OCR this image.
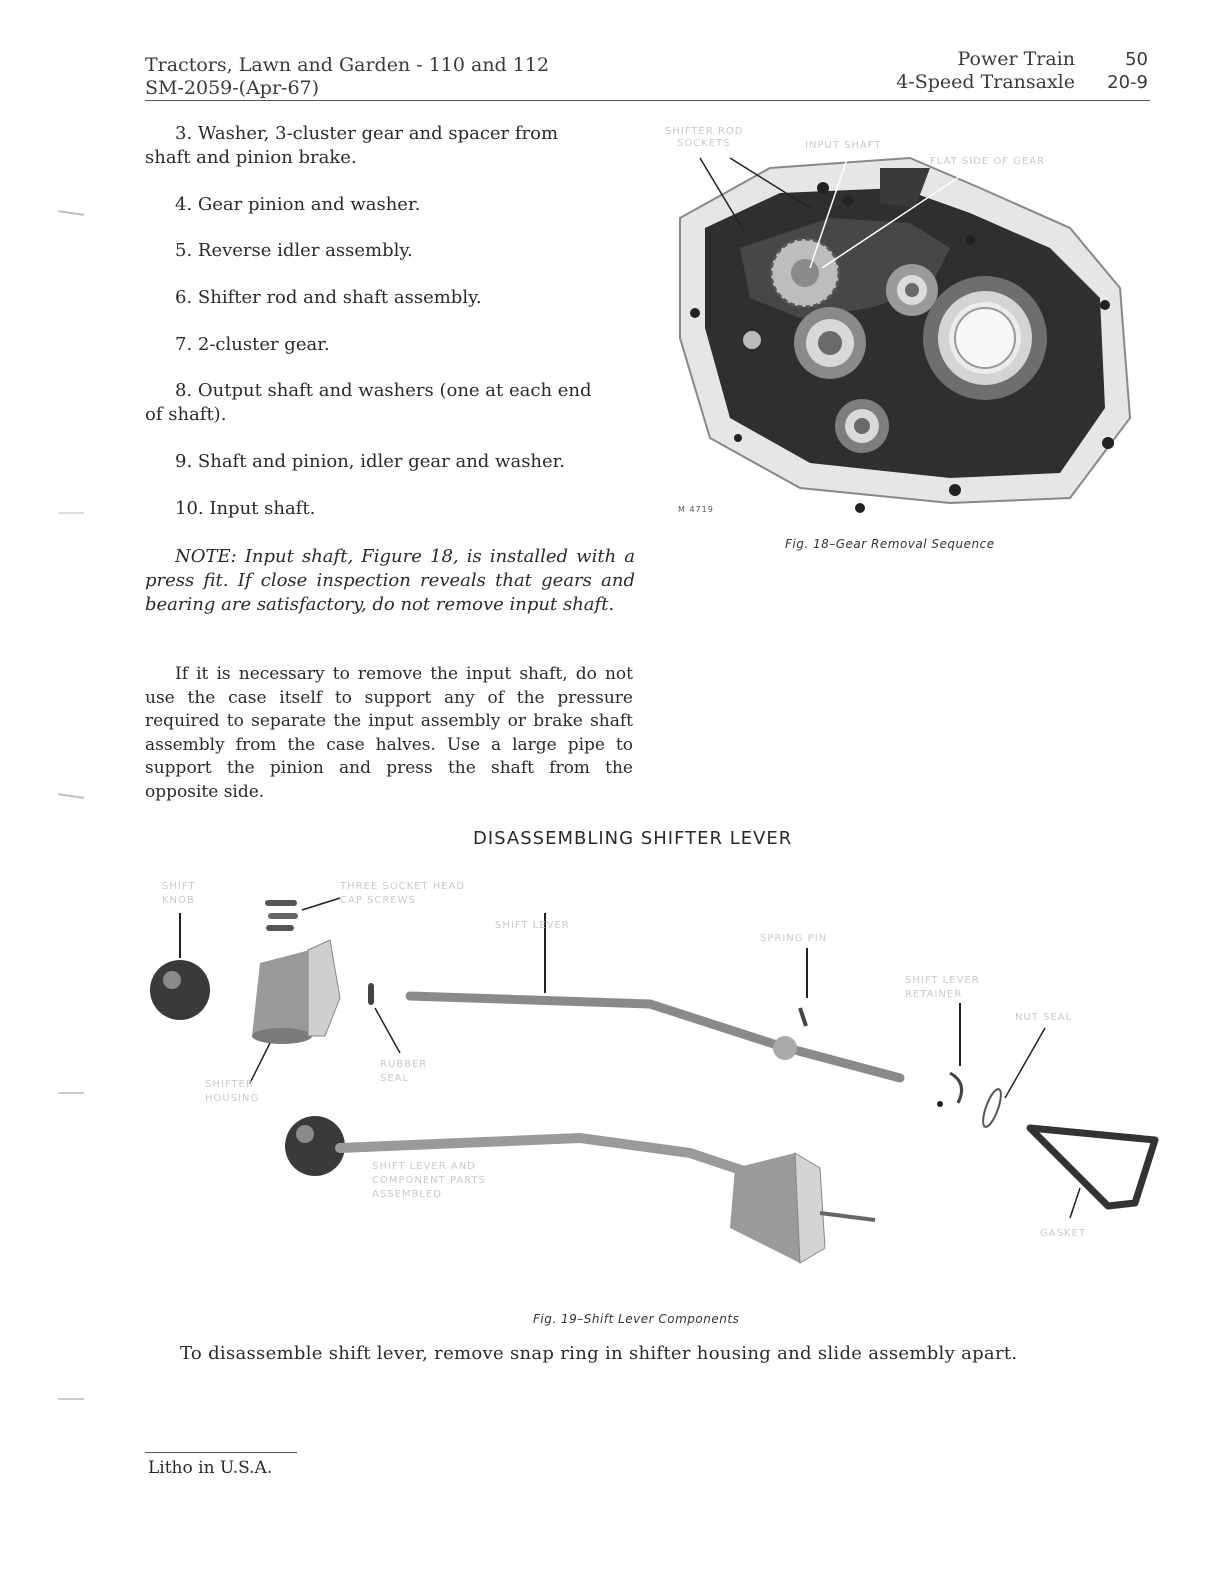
Tractors, Lawn and Garden - 110 and 112
SM-2059-(Apr-67)
Power Train
4-Speed Transaxle
50
20-9
3. Washer, 3-cluster gear and spacer from
shaft and pinion brake.
4. Gear pinion and washer.
5. Reverse idler assembly.
6. Shifter rod and shaft assembly.
7. 2-cluster gear.
8. Output shaft and washers (one at each end
of shaft).
9. Shaft and pinion, idler gear and washer.
10. Input shaft.
NOTE: Input shaft, Figure 18, is installed with a press fit. If close inspection reveals that gears and bearing are satisfactory, do not remove input shaft.
If it is necessary to remove the input shaft, do not use the case itself to support any of the pressure required to separate the input assembly or brake shaft assembly from the case halves. Use a large pipe to support the pinion and press the shaft from the opposite side.
SHIFTER ROD
SOCKETS	INPUT SHAFT
FLAT SIDE OF GEAR
M 4719
Fig. 18–Gear Removal Sequence
DISASSEMBLING SHIFTER LEVER
SHIFT
KNOB
THREE SOCKET HEAD
CAP SCREWS
SHIFT LEVER
SPRING PIN
SHIFT LEVER
RETAINER
NUT SEAL
SHIFTER
HOUSING
RUBBER
SEAL
SHIFT LEVER AND
COMPONENT PARTS
ASSEMBLED
GASKET
Fig. 19–Shift Lever Components
To disassemble shift lever, remove snap ring in shifter housing and slide assembly apart.
Litho in U.S.A.
